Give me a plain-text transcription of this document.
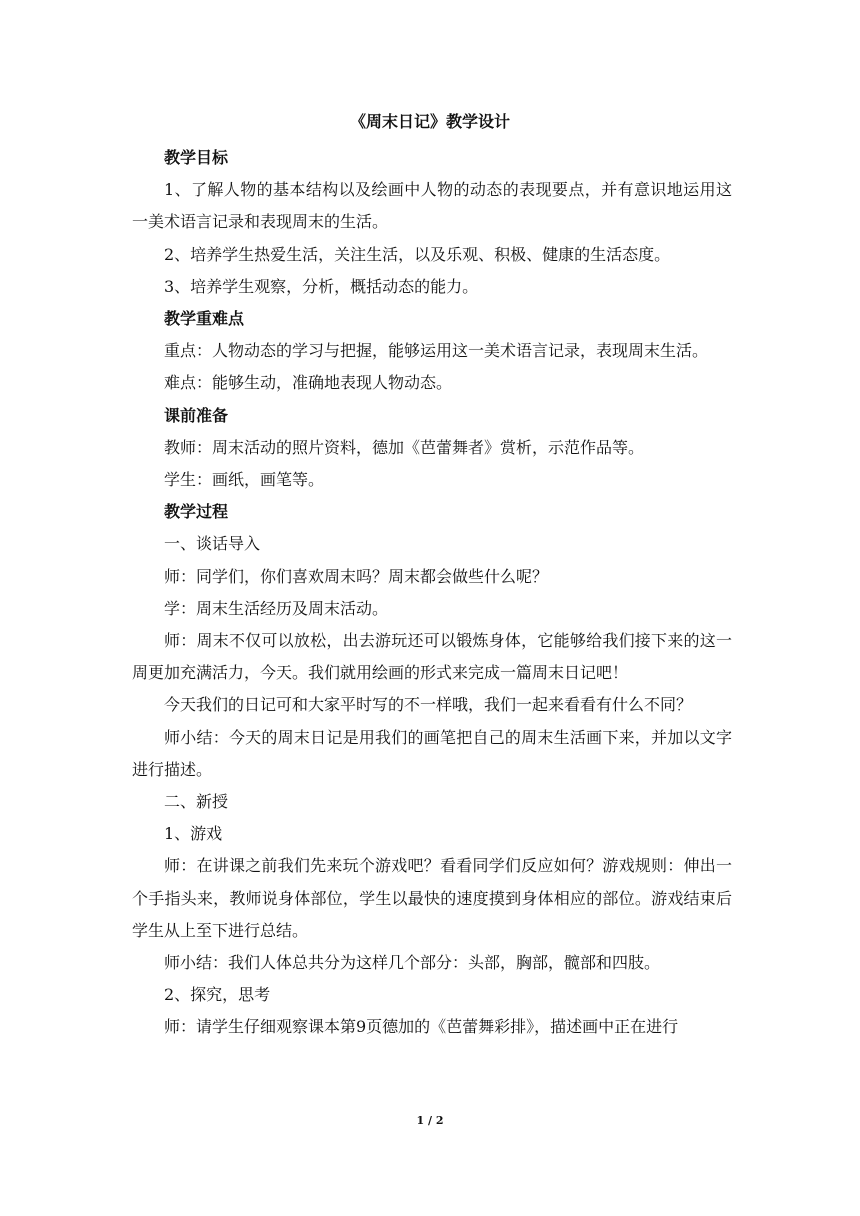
《周末日记》教学设计

教学目标

1、了解人物的基本结构以及绘画中人物的动态的表现要点，并有意识地运用这一美术语言记录和表现周末的生活。

2、培养学生热爱生活，关注生活，以及乐观、积极、健康的生活态度。

3、培养学生观察，分析，概括动态的能力。

教学重难点

重点：人物动态的学习与把握，能够运用这一美术语言记录，表现周末生活。

难点：能够生动，准确地表现人物动态。

课前准备

教师：周末活动的照片资料，德加《芭蕾舞者》赏析，示范作品等。

学生：画纸，画笔等。

教学过程

一、谈话导入

师：同学们，你们喜欢周末吗？周末都会做些什么呢？

学：周末生活经历及周末活动。

师：周末不仅可以放松，出去游玩还可以锻炼身体，它能够给我们接下来的这一周更加充满活力，今天。我们就用绘画的形式来完成一篇周末日记吧！

今天我们的日记可和大家平时写的不一样哦，我们一起来看看有什么不同？

师小结：今天的周末日记是用我们的画笔把自己的周末生活画下来，并加以文字进行描述。

二、新授

1、游戏

师：在讲课之前我们先来玩个游戏吧？看看同学们反应如何？游戏规则：伸出一个手指头来，教师说身体部位，学生以最快的速度摸到身体相应的部位。游戏结束后学生从上至下进行总结。

师小结：我们人体总共分为这样几个部分：头部，胸部，髋部和四肢。

2、探究，思考

师：请学生仔细观察课本第9页德加的《芭蕾舞彩排》，描述画中正在进行

1 / 2
